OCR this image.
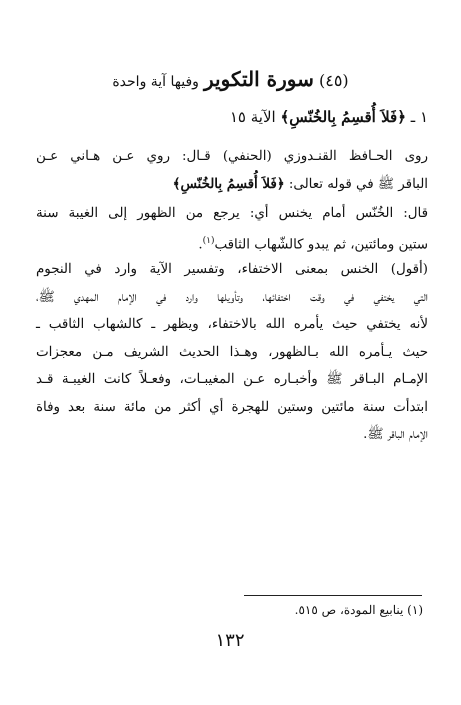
(٤٥) سورة التكوير وفيها آية واحدة
١ ـ ﴿فَلاَ أُقسِمُ بِالخُنّسِ﴾ الآية ١٥
روى الحـافظ القنـدوزي (الحنفي) قـال: روي عـن هـاني عـن
الباقر ﷺ في قوله تعالى: ﴿فَلاَ أُقسِمُ بِالخُنّسِ﴾
قال: الخُنّس أمام يخنس أي: يرجع من الظهور إلى الغيبة سنة
ستين ومائتين، ثم يبدو كالشّهاب الثاقب$^{(١)}$.
(أقول) الخنس بمعنى الاختفاء، وتفسير الآية وارد في النجوم
التي يختفي في وقت اختفائها، وتأويلها وارد في الإمام المهدي ﷺ،
لأنه يختفي حيث يأمره الله بالاختفاء، ويظهر ـ كالشهاب الثاقب ـ
حيث يـأمره الله بـالظهور، وهـذا الحديث الشريف مـن معجزات
الإمـام البـاقر ﷺ وأخبـاره عـن المغيبـات، وفعـلاً كانت الغيبـة قـد
ابتدأت سنة مائتين وستين للهجرة أي أكثر من مائة سنة بعد وفاة
الإمام الباقر ﷺ.
(١) ينابيع المودة، ص ٥١٥.
١٣٢
